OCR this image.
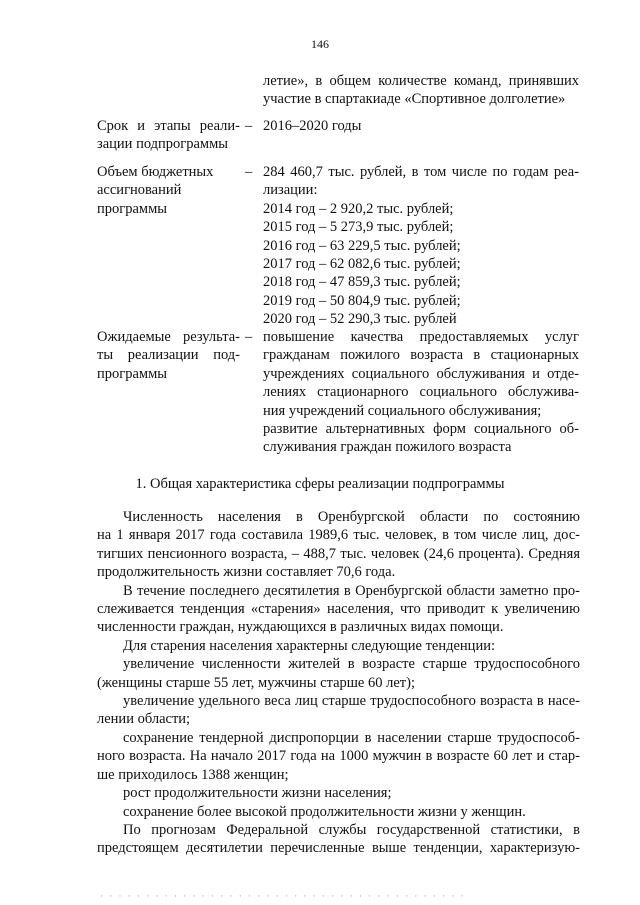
146
летие», в общем количестве команд, принявших
участие в спартакиаде «Спортивное долголетие»
Срок и этапы реали-
зации подпрограммы
– 2016–2020 годы
Объем бюджетных
ассигнований
программы
– 284 460,7 тыс. рублей, в том числе по годам реа-
лизации:
2014 год – 2 920,2 тыс. рублей;
2015 год – 5 273,9 тыс. рублей;
2016 год – 63 229,5 тыс. рублей;
2017 год – 62 082,6 тыс. рублей;
2018 год – 47 859,3 тыс. рублей;
2019 год – 50 804,9 тыс. рублей;
2020 год – 52 290,3 тыс. рублей
Ожидаемые результа-
ты реализации под-
программы
– повышение качества предоставляемых услуг
гражданам пожилого возраста в стационарных
учреждениях социального обслуживания и отде-
лениях стационарного социального обслужива-
ния учреждений социального обслуживания;
развитие альтернативных форм социального об-
служивания граждан пожилого возраста
1. Общая характеристика сферы реализации подпрограммы
Численность населения в Оренбургской области по состоянию
на 1 января 2017 года составила 1989,6 тыс. человек, в том числе лиц, дос-
тигших пенсионного возраста, – 488,7 тыс. человек (24,6 процента). Средняя
продолжительность жизни составляет 70,6 года.
В течение последнего десятилетия в Оренбургской области заметно про-
слеживается тенденция «старения» населения, что приводит к увеличению
численности граждан, нуждающихся в различных видах помощи.
Для старения населения характерны следующие тенденции:
увеличение численности жителей в возрасте старше трудоспособного
(женщины старше 55 лет, мужчины старше 60 лет);
увеличение удельного веса лиц старше трудоспособного возраста в насе-
лении области;
сохранение тендерной диспропорции в населении старше трудоспособ-
ного возраста. На начало 2017 года на 1000 мужчин в возрасте 60 лет и стар-
ше приходилось 1388 женщин;
рост продолжительности жизни населения;
сохранение более высокой продолжительности жизни у женщин.
По прогнозам Федеральной службы государственной статистики, в
предстоящем десятилетии перечисленные выше тенденции, характеризую-
· · · · · · · · · · · · · · · · · · · · · · · · · · · · · · · · · · · · · · · ·
